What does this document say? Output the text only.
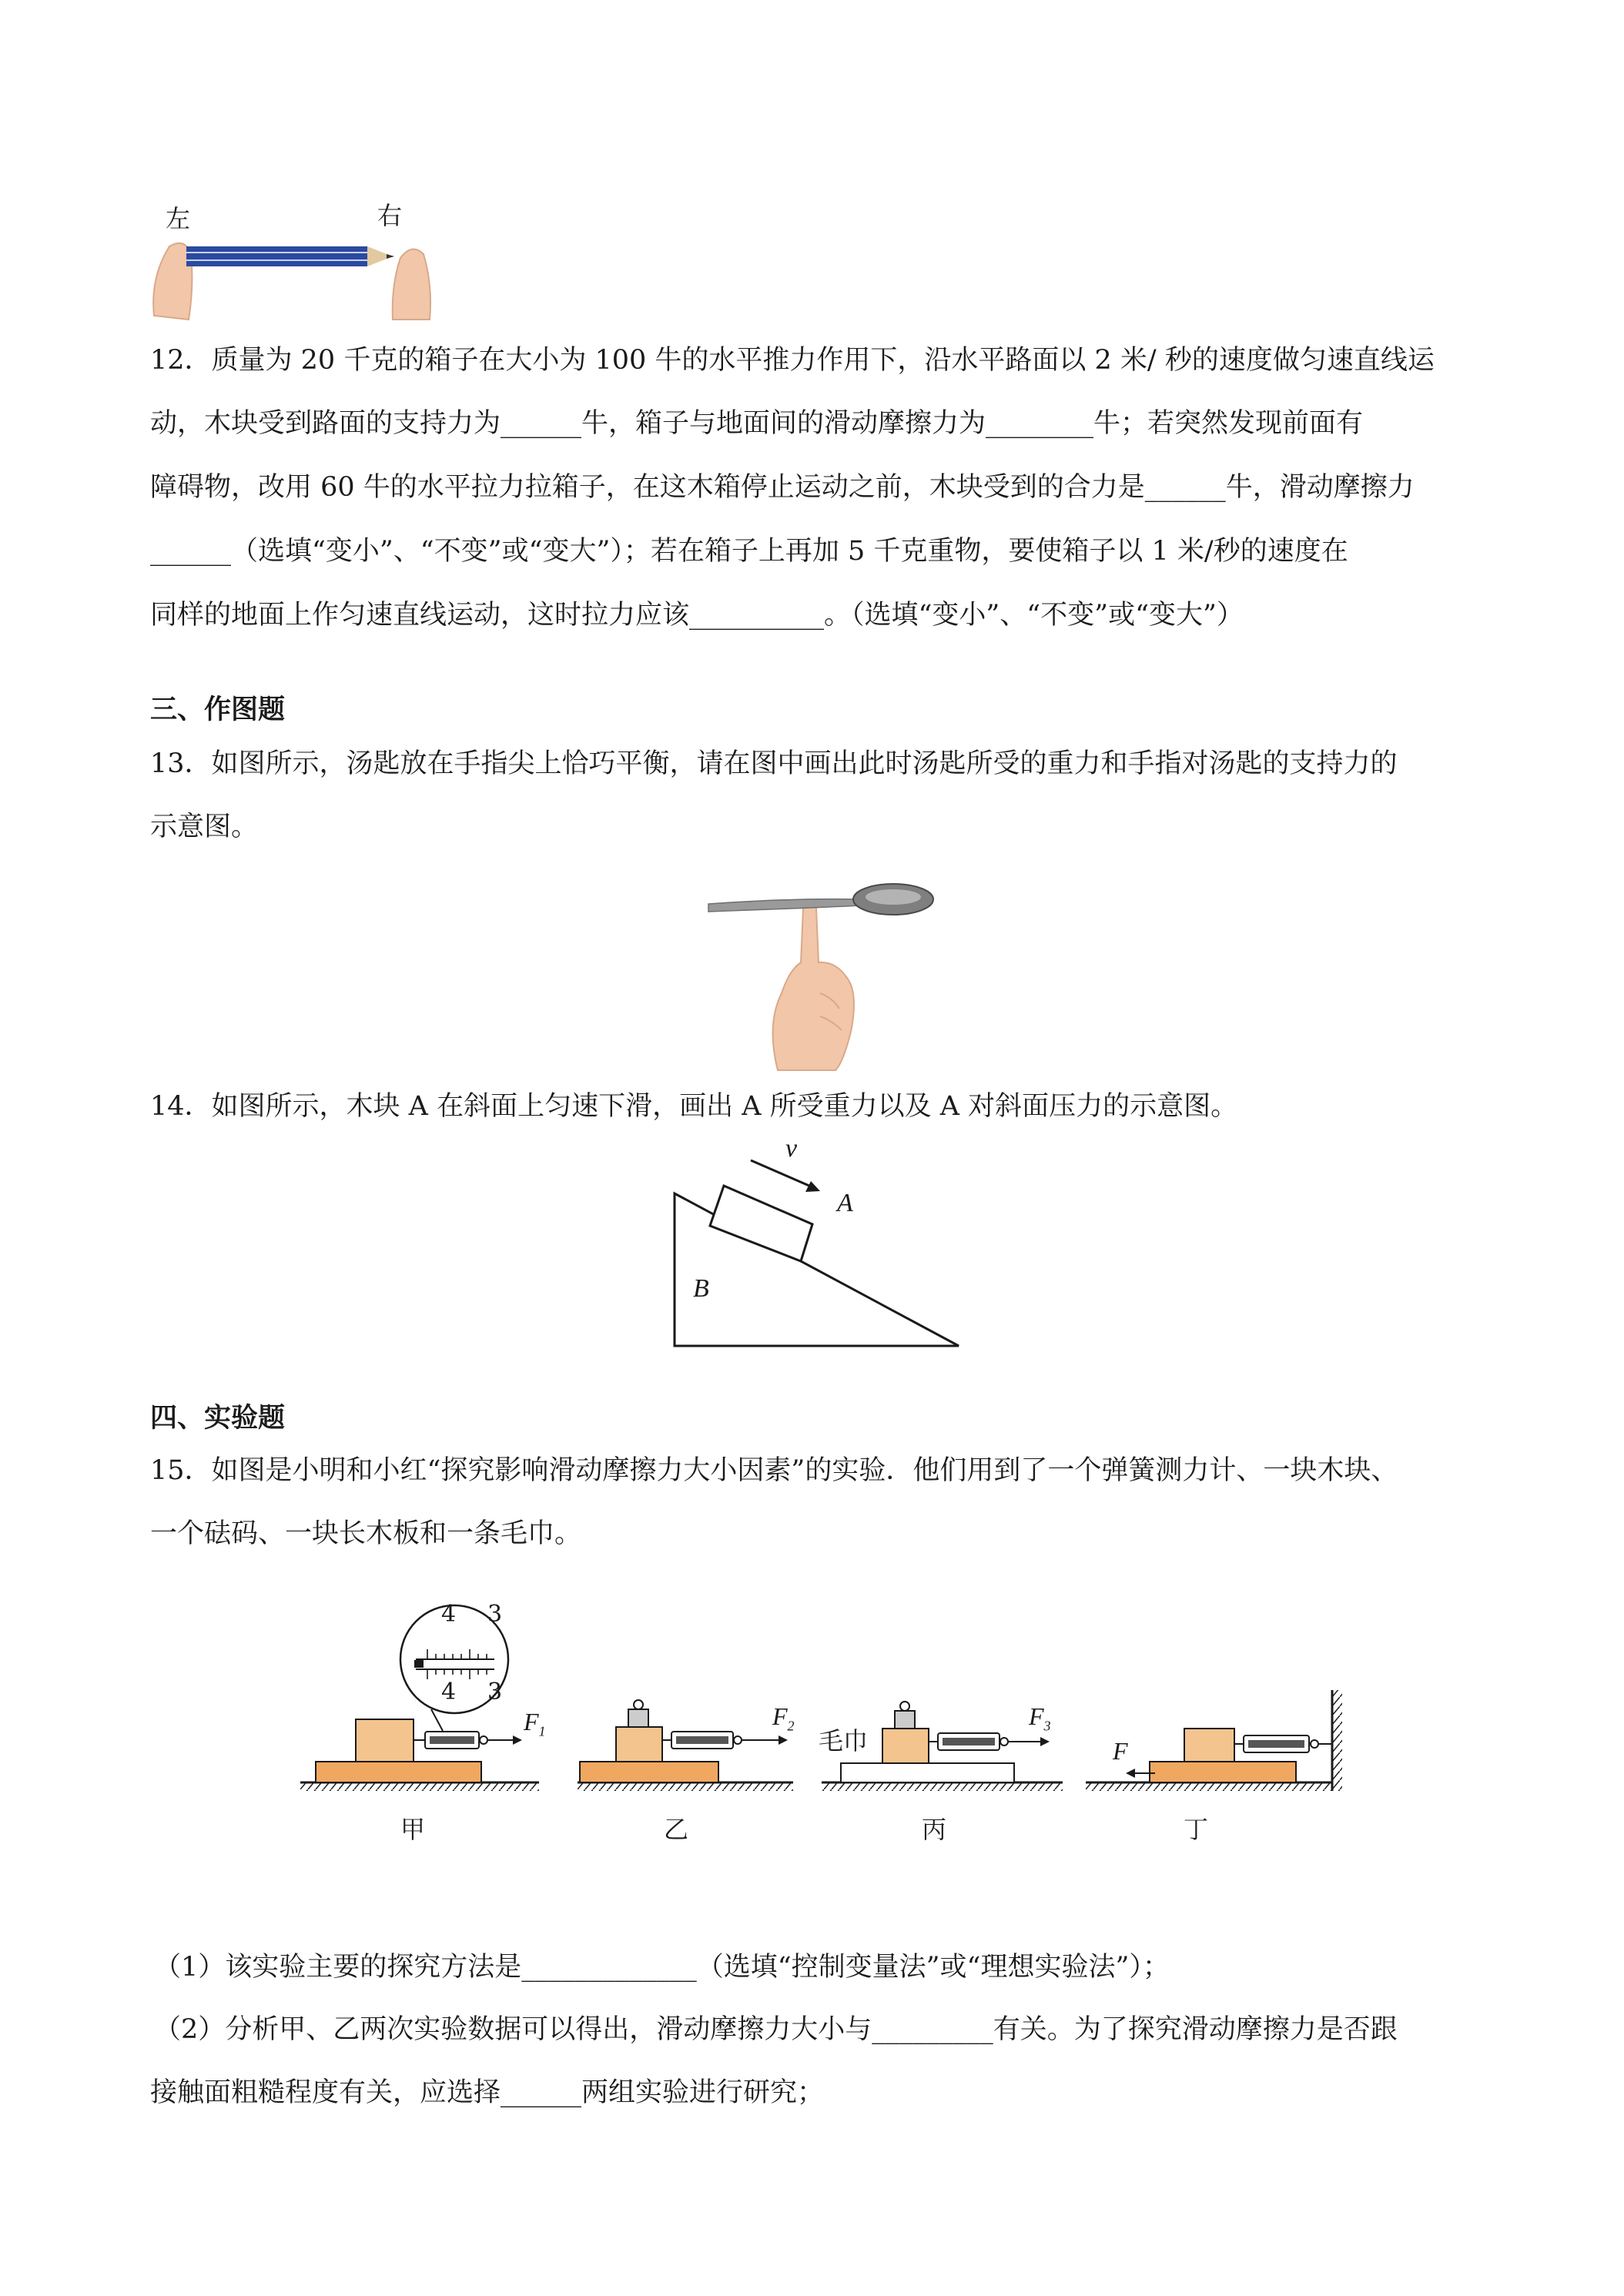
左	右
12．质量为 20 千克的箱子在大小为 100 牛的水平推力作用下，沿水平路面以 2 米/ 秒的速度做匀速直线运
动，木块受到路面的支持力为______牛，箱子与地面间的滑动摩擦力为________牛；若突然发现前面有
障碍物，改用 60 牛的水平拉力拉箱子，在这木箱停止运动之前，木块受到的合力是______牛，滑动摩擦力
______（选填“变小”、“不变”或“变大”）；若在箱子上再加 5 千克重物，要使箱子以 1 米/秒的速度在
同样的地面上作匀速直线运动，这时拉力应该__________。（选填“变小”、“不变”或“变大”）
三、作图题
13．如图所示，汤匙放在手指尖上恰巧平衡，请在图中画出此时汤匙所受的重力和手指对汤匙的支持力的
示意图。
14．如图所示，木块 A 在斜面上匀速下滑，画出 A 所受重力以及 A 对斜面压力的示意图。
v
A
B
四、实验题
15．如图是小明和小红“探究影响滑动摩擦力大小因素”的实验．他们用到了一个弹簧测力计、一块木块、
一个砝码、一块长木板和一条毛巾。
4 3
4 3
$F_1$
$F_2$	$F_3$
F
毛巾
甲	乙	丙	丁
（1）该实验主要的探究方法是_____________（选填“控制变量法”或“理想实验法”）；
（2）分析甲、乙两次实验数据可以得出，滑动摩擦力大小与_________有关。为了探究滑动摩擦力是否跟
接触面粗糙程度有关，应选择______两组实验进行研究；
